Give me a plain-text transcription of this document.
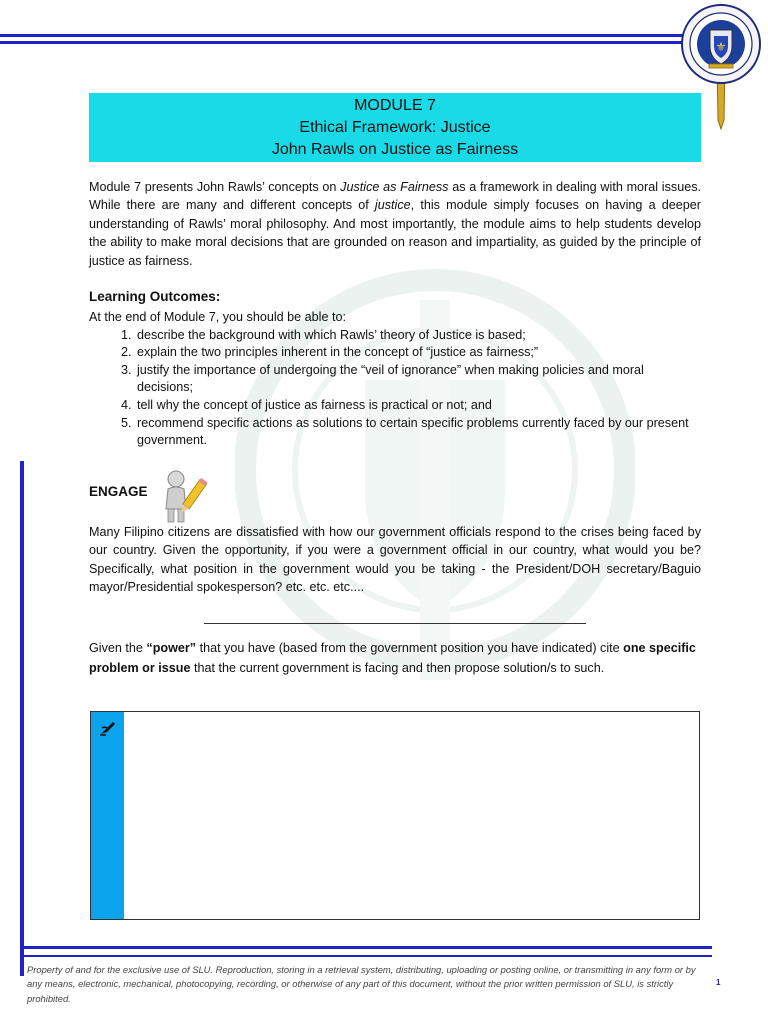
⚜
MODULE 7
Ethical Framework: Justice
John Rawls on Justice as Fairness
Module 7 presents John Rawls’ concepts on Justice as Fairness as a framework in dealing with moral issues. While there are many and different concepts of justice, this module simply focuses on having a deeper understanding of Rawls’ moral philosophy. And most importantly, the module aims to help students develop the ability to make moral decisions that are grounded on reason and impartiality, as guided by the principle of justice as fairness.
Learning Outcomes:

At the end of Module 7, you should be able to:

1. describe the background with which Rawls’ theory of Justice is based;
2. explain the two principles inherent in the concept of “justice as fairness;”
3. justify the importance of undergoing the “veil of ignorance” when making policies and moral decisions;
4. tell why the concept of justice as fairness is practical or not; and
5. recommend specific actions as solutions to certain specific problems currently faced by our present government.
ENGAGE
Many Filipino citizens are dissatisfied with how our government officials respond to the crises being faced by our country. Given the opportunity, if you were a government official in our country, what would you be? Specifically, what position in the government would you be taking - the President/DOH secretary/Baguio mayor/Presidential spokesperson? etc. etc. etc....
Given the “power” that you have (based from the government position you have indicated) cite one specific problem or issue that the current government is facing and then propose solution/s to such.
Property of and for the exclusive use of SLU. Reproduction, storing in a retrieval system, distributing, uploading or posting online, or transmitting in any form or by any means, electronic, mechanical, photocopying, recording, or otherwise of any part of this document, without the prior written permission of SLU, is strictly prohibited.
1
